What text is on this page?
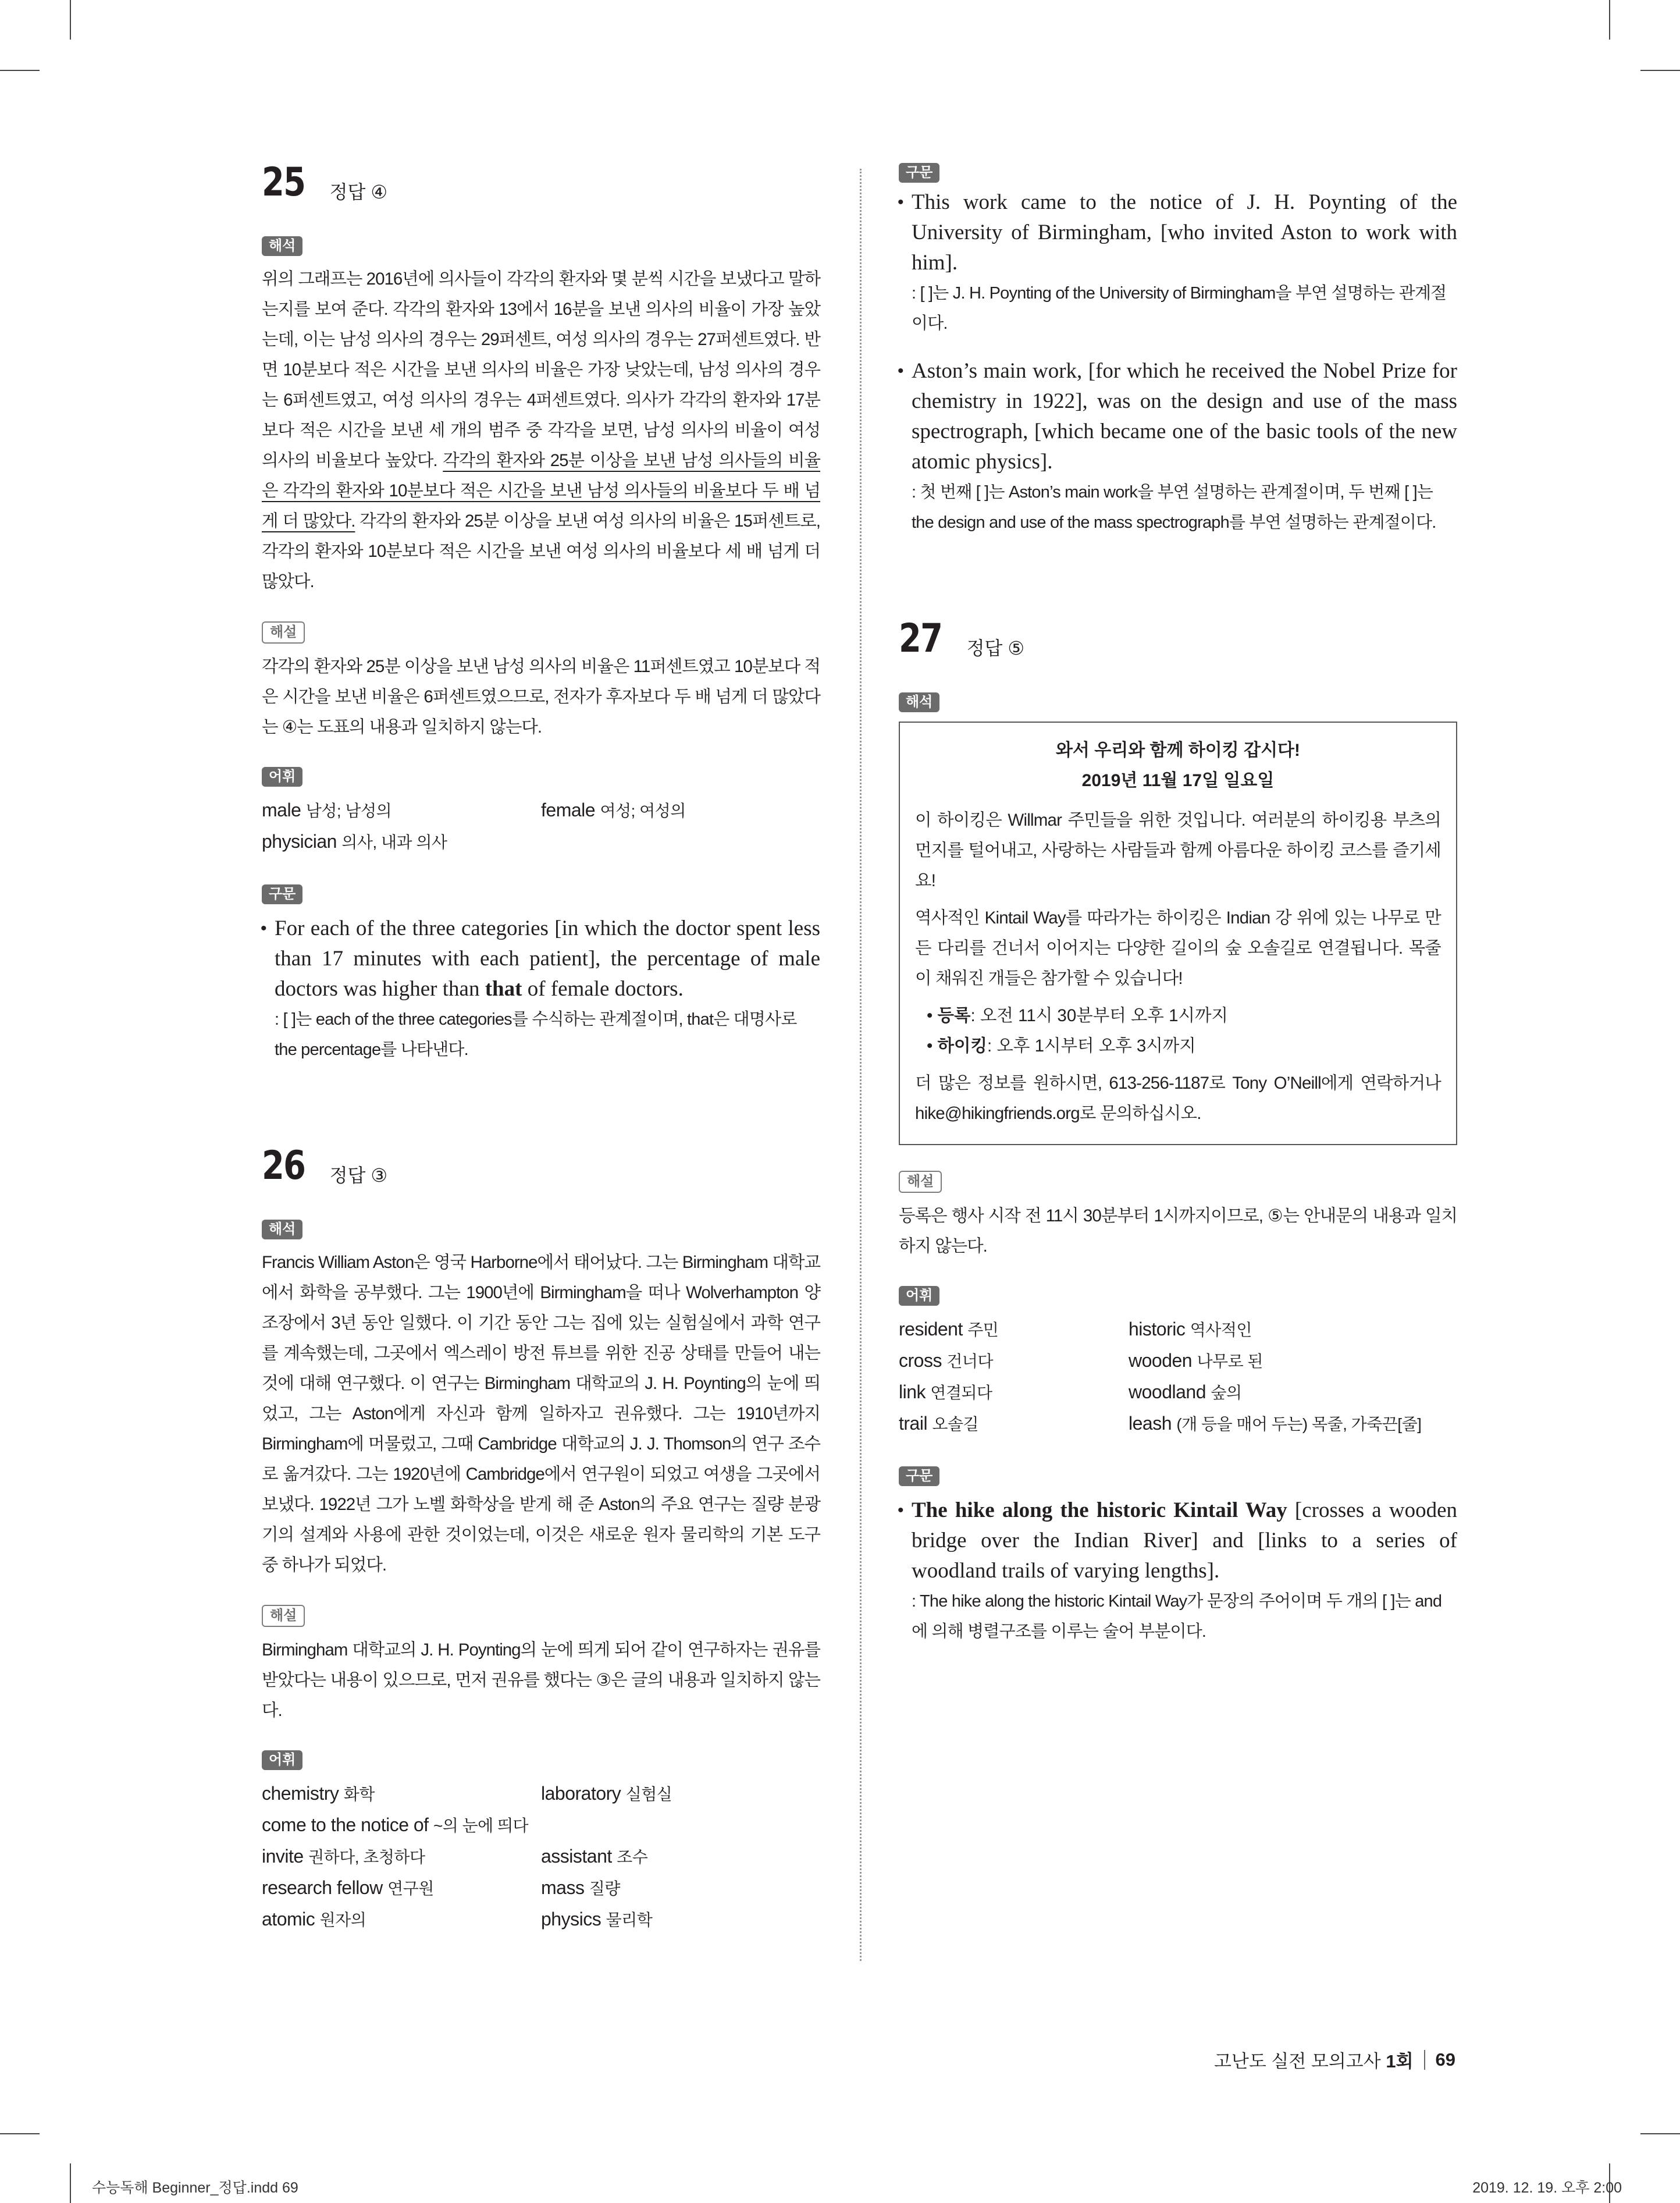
25 정답 ④
해석
위의 그래프는 2016년에 의사들이 각각의 환자와 몇 분씩 시간을 보냈다고 말하는지를 보여 준다. 각각의 환자와 13에서 16분을 보낸 의사의 비율이 가장 높았는데, 이는 남성 의사의 경우는 29퍼센트, 여성 의사의 경우는 27퍼센트였다. 반면 10분보다 적은 시간을 보낸 의사의 비율은 가장 낮았는데, 남성 의사의 경우는 6퍼센트였고, 여성 의사의 경우는 4퍼센트였다. 의사가 각각의 환자와 17분보다 적은 시간을 보낸 세 개의 범주 중 각각을 보면, 남성 의사의 비율이 여성 의사의 비율보다 높았다. 각각의 환자와 25분 이상을 보낸 남성 의사들의 비율은 각각의 환자와 10분보다 적은 시간을 보낸 남성 의사들의 비율보다 두 배 넘게 더 많았다. 각각의 환자와 25분 이상을 보낸 여성 의사의 비율은 15퍼센트로, 각각의 환자와 10분보다 적은 시간을 보낸 여성 의사의 비율보다 세 배 넘게 더 많았다.
해설
각각의 환자와 25분 이상을 보낸 남성 의사의 비율은 11퍼센트였고 10분보다 적은 시간을 보낸 비율은 6퍼센트였으므로, 전자가 후자보다 두 배 넘게 더 많았다는 ④는 도표의 내용과 일치하지 않는다.
어휘
male 남성; 남성의	female 여성; 여성의
physician 의사, 내과 의사
구문
• For each of the three categories [in which the doctor spent less than 17 minutes with each patient], the percentage of male doctors was higher than that of female doctors.
: [ ]는 each of the three categories를 수식하는 관계절이며, that은 대명사로 the percentage를 나타낸다.
26 정답 ③
해석
Francis William Aston은 영국 Harborne에서 태어났다. 그는 Birmingham 대학교에서 화학을 공부했다. 그는 1900년에 Birmingham을 떠나 Wolverhampton 양조장에서 3년 동안 일했다. 이 기간 동안 그는 집에 있는 실험실에서 과학 연구를 계속했는데, 그곳에서 엑스레이 방전 튜브를 위한 진공 상태를 만들어 내는 것에 대해 연구했다. 이 연구는 Birmingham 대학교의 J. H. Poynting의 눈에 띄었고, 그는 Aston에게 자신과 함께 일하자고 권유했다. 그는 1910년까지 Birmingham에 머물렀고, 그때 Cambridge 대학교의 J. J. Thomson의 연구 조수로 옮겨갔다. 그는 1920년에 Cambridge에서 연구원이 되었고 여생을 그곳에서 보냈다. 1922년 그가 노벨 화학상을 받게 해 준 Aston의 주요 연구는 질량 분광기의 설계와 사용에 관한 것이었는데, 이것은 새로운 원자 물리학의 기본 도구 중 하나가 되었다.
해설
Birmingham 대학교의 J. H. Poynting의 눈에 띄게 되어 같이 연구하자는 권유를 받았다는 내용이 있으므로, 먼저 권유를 했다는 ③은 글의 내용과 일치하지 않는다.
어휘
chemistry 화학	laboratory 실험실
come to the notice of ~의 눈에 띄다
invite 권하다, 초청하다	assistant 조수
research fellow 연구원	mass 질량
atomic 원자의	physics 물리학
구문
• This work came to the notice of J. H. Poynting of the University of Birmingham, [who invited Aston to work with him].
: [ ]는 J. H. Poynting of the University of Birmingham을 부연 설명하는 관계절이다.
• Aston’s main work, [for which he received the Nobel Prize for chemistry in 1922], was on the design and use of the mass spectrograph, [which became one of the basic tools of the new atomic physics].
: 첫 번째 [ ]는 Aston’s main work을 부연 설명하는 관계절이며, 두 번째 [ ]는 the design and use of the mass spectrograph를 부연 설명하는 관계절이다.
27 정답 ⑤
해석
와서 우리와 함께 하이킹 갑시다!
2019년 11월 17일 일요일
이 하이킹은 Willmar 주민들을 위한 것입니다. 여러분의 하이킹용 부츠의 먼지를 털어내고, 사랑하는 사람들과 함께 아름다운 하이킹 코스를 즐기세요!
역사적인 Kintail Way를 따라가는 하이킹은 Indian 강 위에 있는 나무로 만든 다리를 건너서 이어지는 다양한 길이의 숲 오솔길로 연결됩니다. 목줄이 채워진 개들은 참가할 수 있습니다!
• 등록: 오전 11시 30분부터 오후 1시까지
• 하이킹: 오후 1시부터 오후 3시까지
더 많은 정보를 원하시면, 613-256-1187로 Tony O’Neill에게 연락하거나 hike@hikingfriends.org로 문의하십시오.
해설
등록은 행사 시작 전 11시 30분부터 1시까지이므로, ⑤는 안내문의 내용과 일치하지 않는다.
어휘
resident 주민	historic 역사적인
cross 건너다	wooden 나무로 된
link 연결되다	woodland 숲의
trail 오솔길	leash (개 등을 매어 두는) 목줄, 가죽끈[줄]
구문
• The hike along the historic Kintail Way [crosses a wooden bridge over the Indian River] and [links to a series of woodland trails of varying lengths].
: The hike along the historic Kintail Way가 문장의 주어이며 두 개의 [ ]는 and에 의해 병렬구조를 이루는 술어 부분이다.
고난도 실전 모의고사 1회 69
수능독해 Beginner_정답.indd 69	2019. 12. 19. 오후 2:00
